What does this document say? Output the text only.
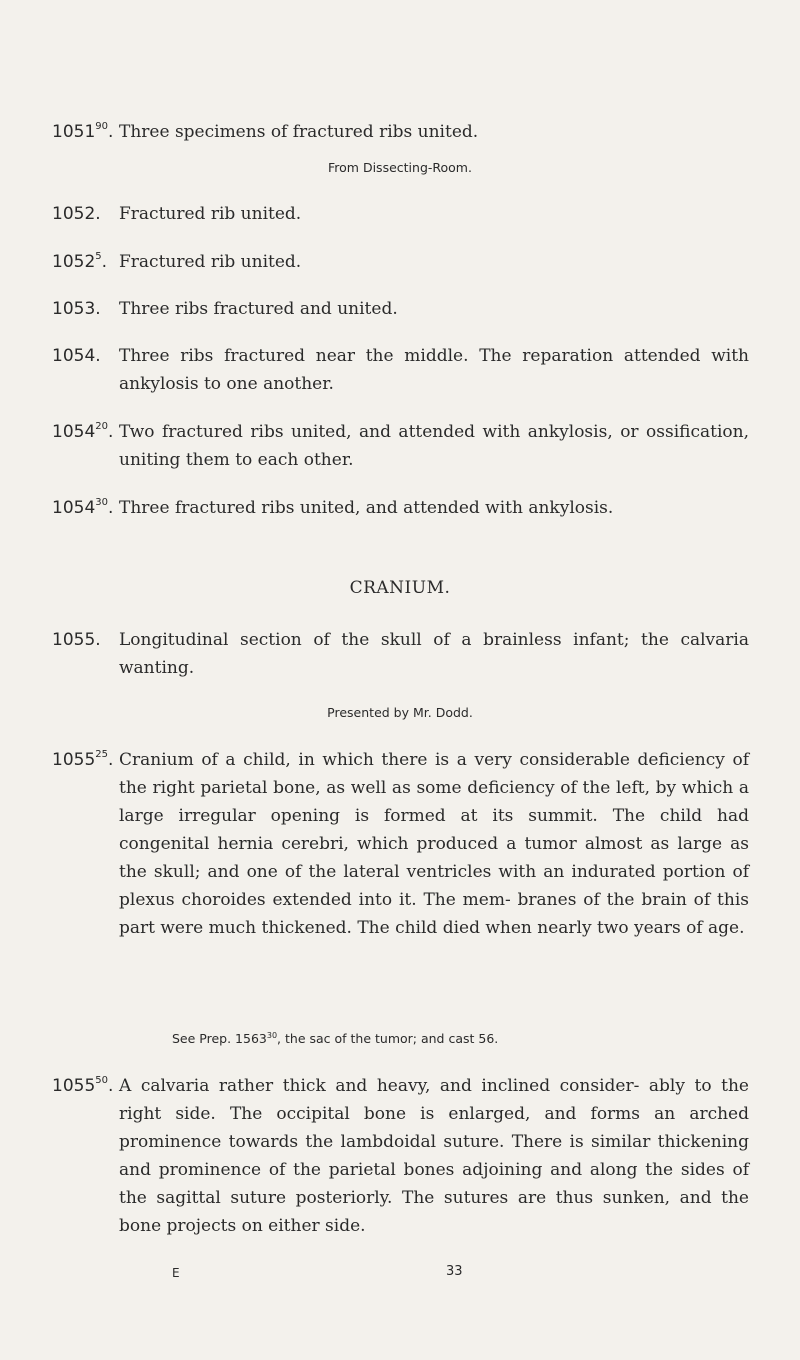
1051$^{90}$. Three specimens of fractured ribs united.
From Dissecting-Room.
1052. Fractured rib united.
1052$^5$. Fractured rib united.
1053. Three ribs fractured and united.
1054. Three ribs fractured near the middle. The reparation attended with ankylosis to one another.
1054$^{20}$. Two fractured ribs united, and attended with ankylosis, or ossification, uniting them to each other.
1054$^{30}$. Three fractured ribs united, and attended with ankylosis.
CRANIUM.
1055. Longitudinal section of the skull of a brainless infant; the calvaria wanting.
Presented by Mr. Dodd.
1055$^{25}$. Cranium of a child, in which there is a very considerable deficiency of the right parietal bone, as well as some deficiency of the left, by which a large irregular opening is formed at its summit. The child had congenital hernia cerebri, which produced a tumor almost as large as the skull; and one of the lateral ventricles with an indurated portion of plexus choroides extended into it. The mem- branes of the brain of this part were much thickened. The child died when nearly two years of age.
See Prep. 1563$^{30}$, the sac of the tumor; and cast 56.
1055$^{50}$. A calvaria rather thick and heavy, and inclined consider- ably to the right side. The occipital bone is enlarged, and forms an arched prominence towards the lambdoidal suture. There is similar thickening and prominence of the parietal bones adjoining and along the sides of the sagittal suture posteriorly. The sutures are thus sunken, and the bone projects on either side.
E	33
